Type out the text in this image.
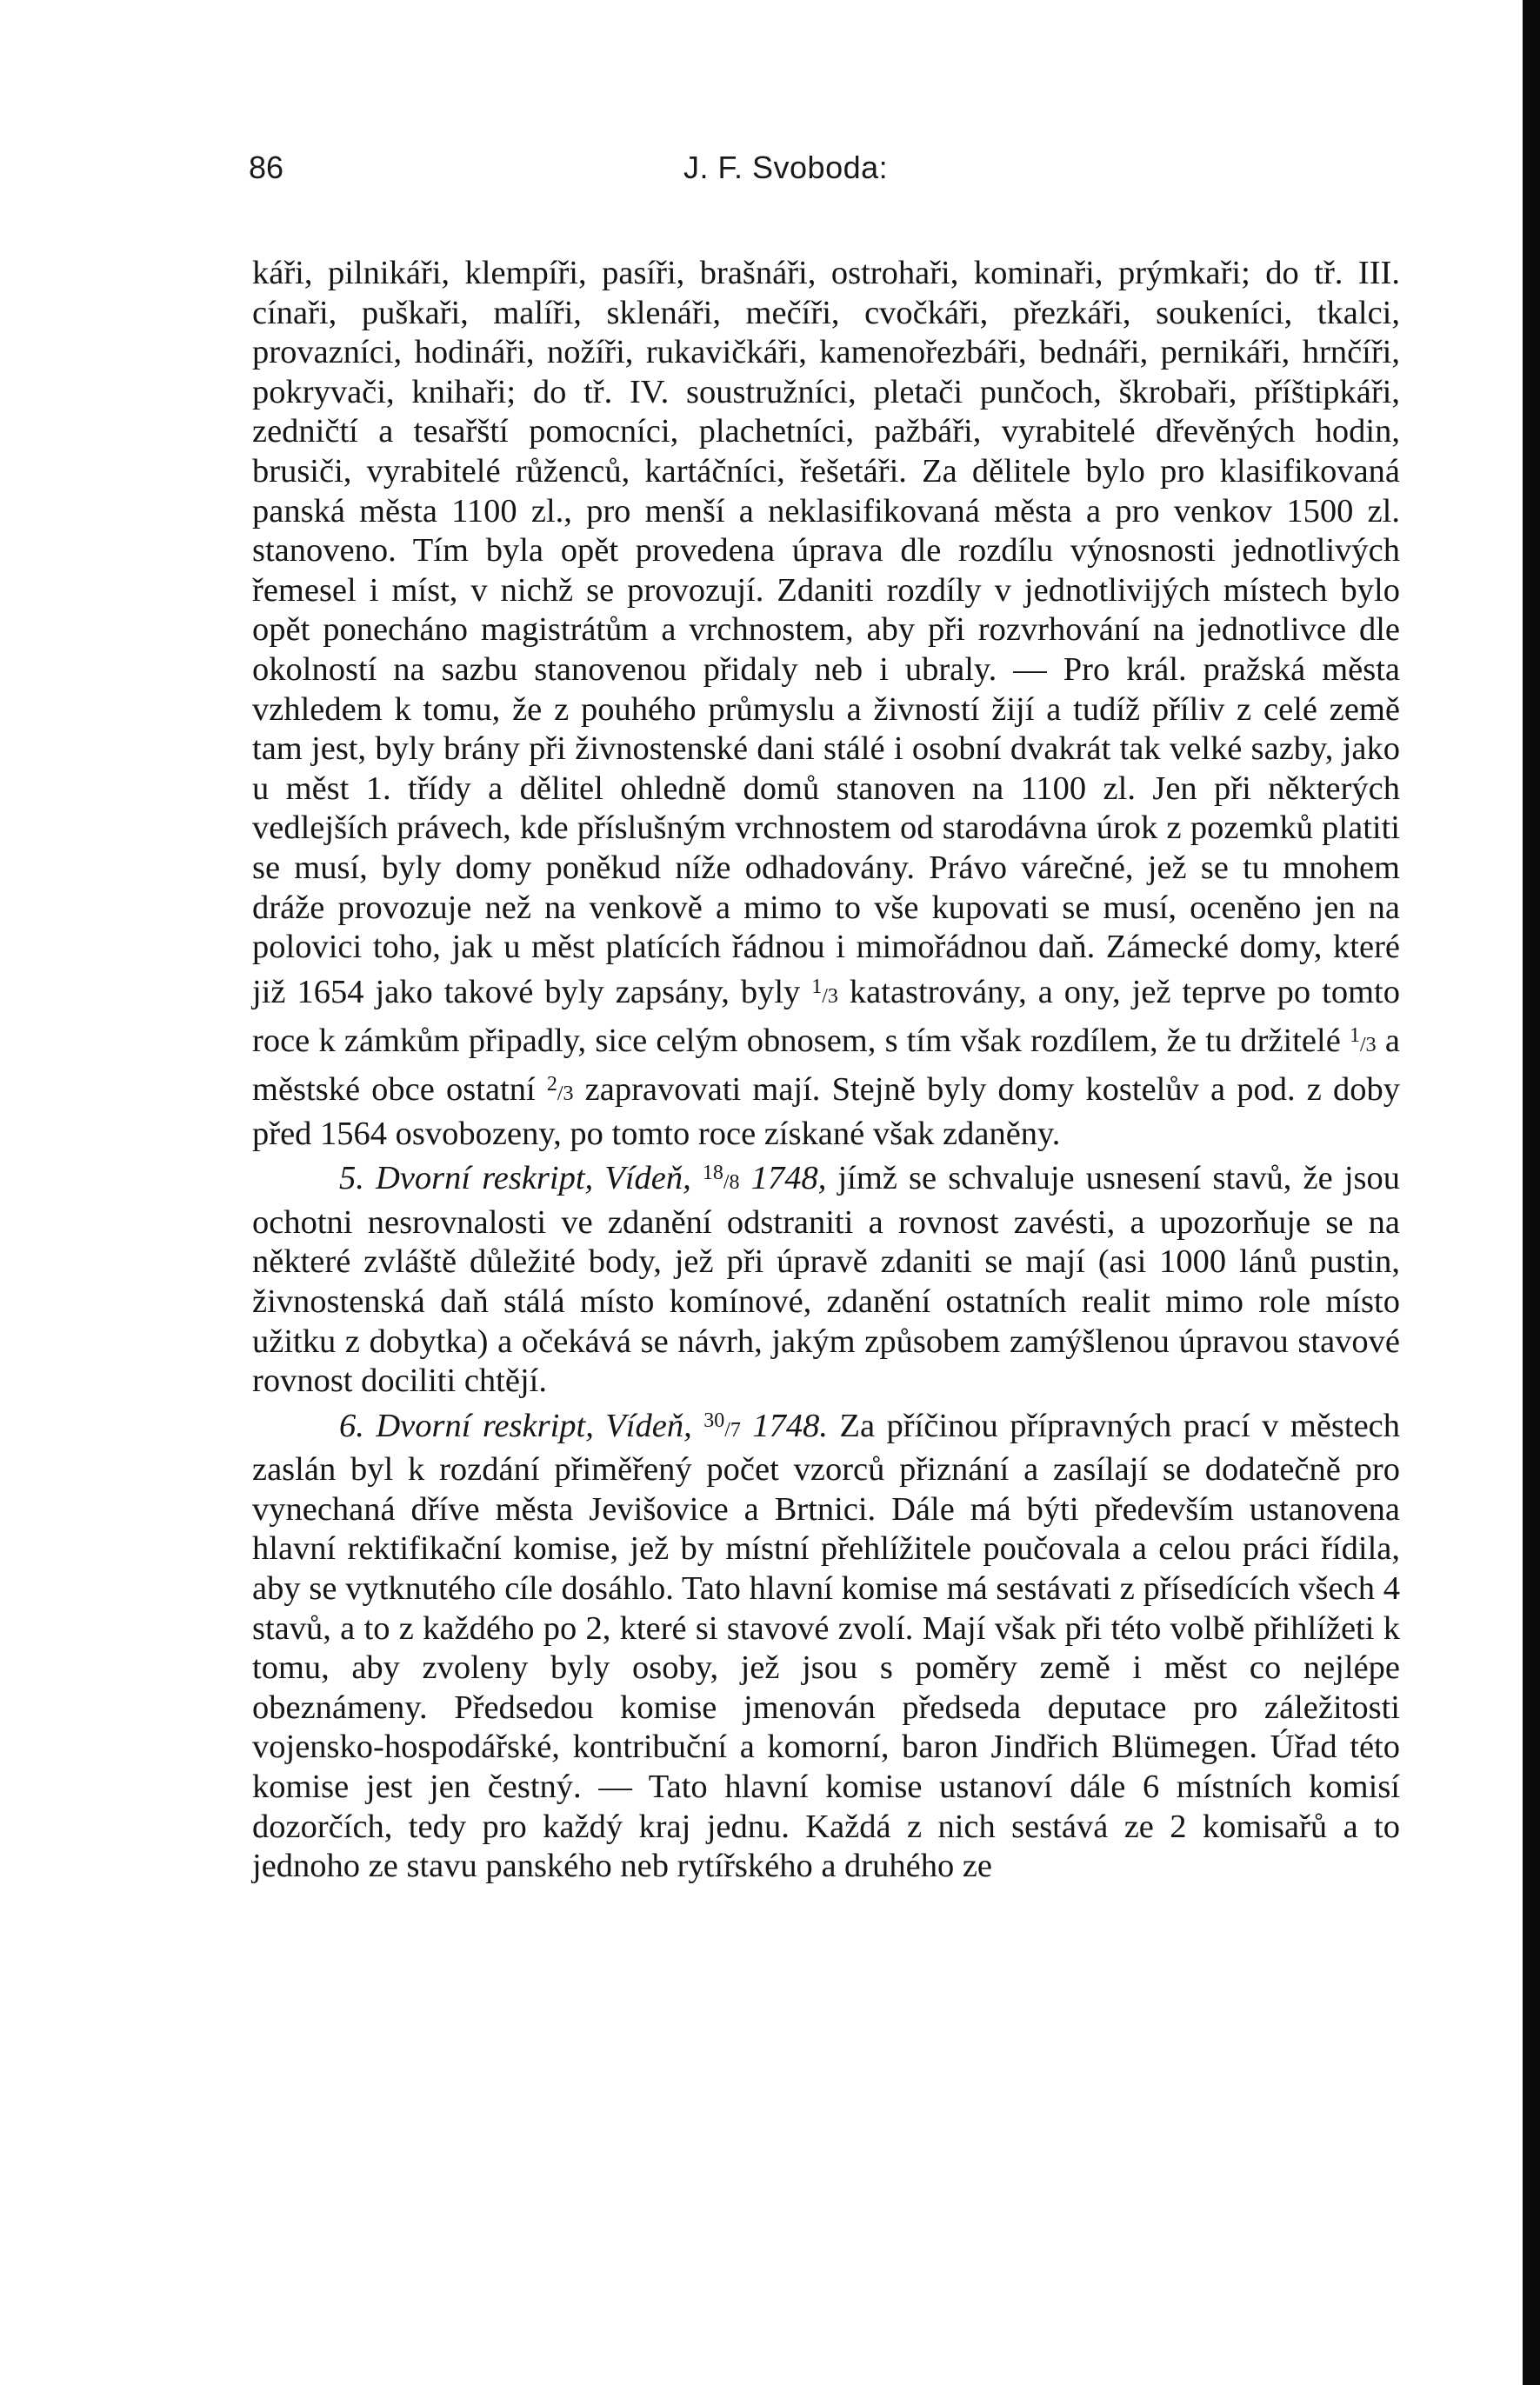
86	J. F. Svoboda:

káři, pilnikáři, klempíři, pasíři, brašnáři, ostrohaři, kominaři, prýmkaři; do tř. III. cínaři, puškaři, malíři, sklenáři, mečíři, cvočkáři, přezkáři, soukeníci, tkalci, provazníci, hodináři, nožíři, rukavičkáři, kamenořezbáři, bednáři, pernikáři, hrnčíři, pokryvači, knihaři; do tř. IV. soustružníci, pletači punčoch, škrobaři, příštipkáři, zedničtí a tesařští pomocníci, plachetníci, pažbáři, vyrabitelé dřevěných hodin, brusiči, vyrabitelé růženců, kartáčníci, řešetáři. Za dělitele bylo pro klasifikovaná panská města 1100 zl., pro menší a neklasifikovaná města a pro venkov 1500 zl. stanoveno. Tím byla opět provedena úprava dle rozdílu výnosnosti jednotlivých řemesel i míst, v nichž se provozují. Zdaniti rozdíly v jednotlivijých místech bylo opět ponecháno magistrátům a vrchnostem, aby při rozvrhování na jednotlivce dle okolností na sazbu stanovenou přidaly neb i ubraly. — Pro král. pražská města vzhledem k tomu, že z pouhého průmyslu a živností žijí a tudíž příliv z celé země tam jest, byly brány při živnostenské dani stálé i osobní dvakrát tak velké sazby, jako u měst 1. třídy a dělitel ohledně domů stanoven na 1100 zl. Jen při některých vedlejších právech, kde příslušným vrchnostem od starodávna úrok z pozemků platiti se musí, byly domy poněkud níže odhadovány. Právo várečné, jež se tu mnohem dráže provozuje než na venkově a mimo to vše kupovati se musí, oceněno jen na polovici toho, jak u měst platících řádnou i mimořádnou daň. Zámecké domy, které již 1654 jako takové byly zapsány, byly $^1$/3 katastrovány, a ony, jež teprve po tomto roce k zámkům připadly, sice celým obnosem, s tím však rozdílem, že tu držitelé $^1$/3 a městské obce ostatní $^2$/3 zapravovati mají. Stejně byly domy kostelův a pod. z doby před 1564 osvobozeny, po tomto roce získané však zdaněny.

5. Dvorní reskript, Vídeň, $^{18}$/8 1748, jímž se schvaluje usnesení stavů, že jsou ochotni nesrovnalosti ve zdanění odstraniti a rovnost zavésti, a upozorňuje se na některé zvláště důležité body, jež při úpravě zdaniti se mají (asi 1000 lánů pustin, živnostenská daň stálá místo komínové, zdanění ostatních realit mimo role místo užitku z dobytka) a očekává se návrh, jakým způsobem zamýšlenou úpravou stavové rovnost dociliti chtějí.

6. Dvorní reskript, Vídeň, $^{30}$/7 1748. Za příčinou přípravných prací v městech zaslán byl k rozdání přiměřený počet vzorců přiznání a zasílají se dodatečně pro vynechaná dříve města Jevišovice a Brtnici. Dále má býti především ustanovena hlavní rektifikační komise, jež by místní přehlížitele poučovala a celou práci řídila, aby se vytknutého cíle dosáhlo. Tato hlavní komise má sestávati z přísedících všech 4 stavů, a to z každého po 2, které si stavové zvolí. Mají však při této volbě přihlížeti k tomu, aby zvoleny byly osoby, jež jsou s poměry země i měst co nejlépe obeznámeny. Předsedou komise jmenován předseda deputace pro záležitosti vojensko-hospodářské, kontribuční a komorní, baron Jindřich Blümegen. Úřad této komise jest jen čestný. — Tato hlavní komise ustanoví dále 6 místních komisí dozorčích, tedy pro každý kraj jednu. Každá z nich sestává ze 2 komisařů a to jednoho ze stavu panského neb rytířského a druhého ze
